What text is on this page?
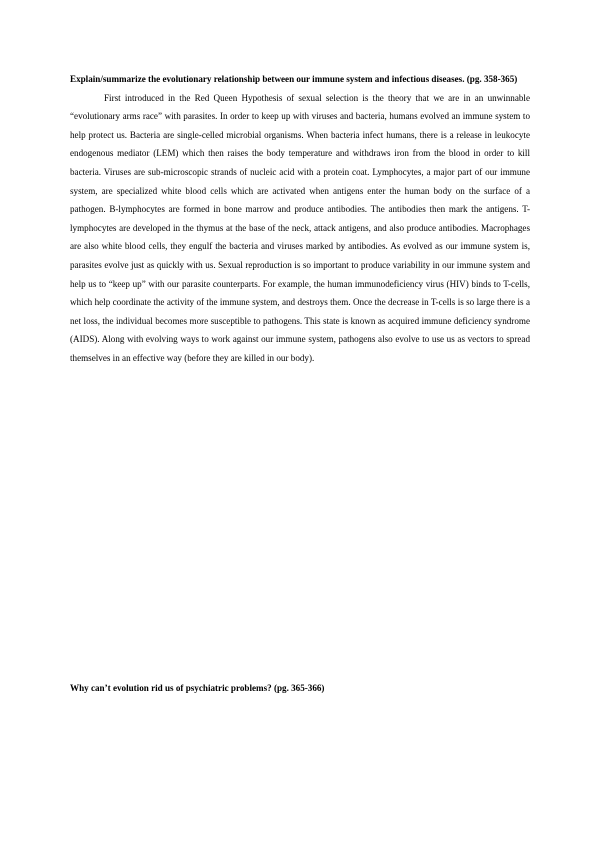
Explain/summarize the evolutionary relationship between our immune system and infectious diseases. (pg. 358-365)

First introduced in the Red Queen Hypothesis of sexual selection is the theory that we are in an unwinnable “evolutionary arms race” with parasites. In order to keep up with viruses and bacteria, humans evolved an immune system to help protect us. Bacteria are single-celled microbial organisms. When bacteria infect humans, there is a release in leukocyte endogenous mediator (LEM) which then raises the body temperature and withdraws iron from the blood in order to kill bacteria. Viruses are sub-microscopic strands of nucleic acid with a protein coat. Lymphocytes, a major part of our immune system, are specialized white blood cells which are activated when antigens enter the human body on the surface of a pathogen. B-lymphocytes are formed in bone marrow and produce antibodies. The antibodies then mark the antigens. T-lymphocytes are developed in the thymus at the base of the neck, attack antigens, and also produce antibodies. Macrophages are also white blood cells, they engulf the bacteria and viruses marked by antibodies. As evolved as our immune system is, parasites evolve just as quickly with us. Sexual reproduction is so important to produce variability in our immune system and help us to “keep up” with our parasite counterparts. For example, the human immunodeficiency virus (HIV) binds to T-cells, which help coordinate the activity of the immune system, and destroys them. Once the decrease in T-cells is so large there is a net loss, the individual becomes more susceptible to pathogens. This state is known as acquired immune deficiency syndrome (AIDS). Along with evolving ways to work against our immune system, pathogens also evolve to use us as vectors to spread themselves in an effective way (before they are killed in our body).

Why can’t evolution rid us of psychiatric problems? (pg. 365-366)
